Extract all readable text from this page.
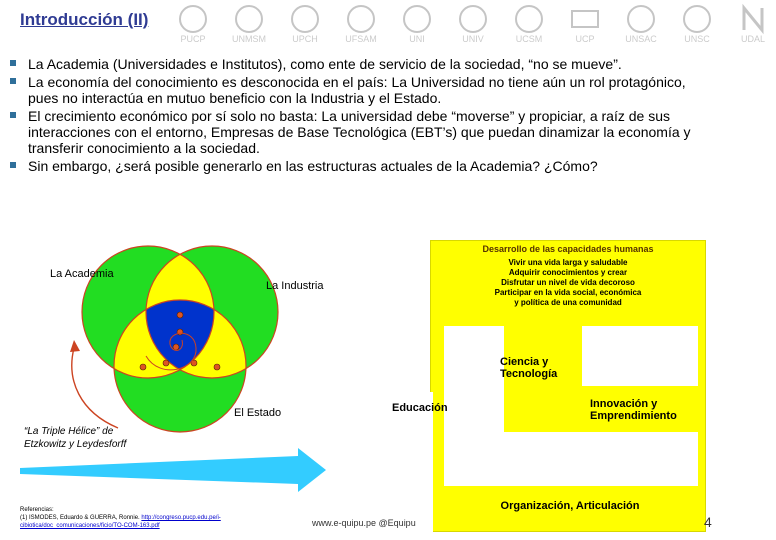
PUCP	UNMSM	UPCH	UFSAM	UNI	UNIV	UCSM	UCP	UNSAC	UNSC	UDAL
Introducción (II)
La Academia (Universidades e Institutos), como ente de servicio de la sociedad, “no se mueve”.
La economía del conocimiento es desconocida en el país: La Universidad no tiene aún un rol protagónico, pues no interactúa en mutuo beneficio con la Industria y el Estado.
El crecimiento económico por sí solo no basta: La universidad debe “moverse” y propiciar, a raíz de sus interacciones con el entorno, Empresas de Base Tecnológica (EBT’s) que puedan dinamizar la economía y transferir conocimiento a la sociedad.
Sin embargo, ¿será posible generarlo en las estructuras actuales de la Academia? ¿Cómo?
La Academia
La Industria
El Estado
“La Triple Hélice” de Etzkowitz y Leydesforff
Desarrollo de las capacidades humanas
Vivir una vida larga y saludable
Adquirir conocimientos y crear
Disfrutar un nivel de vida decoroso
Participar en la vida social, económica
y política de una comunidad
Ciencia y Tecnología
Educación	Innovación y Emprendimiento
Organización, Articulación
Referencias:
(1) ISMODES, Eduardo & GUERRA, Ronnie. http://congreso.pucp.edu.pe/i-cibiotica/doc_comunicaciones/ficio/TO-COM-163.pdf	www.e-quipu.pe @Equipu	4
